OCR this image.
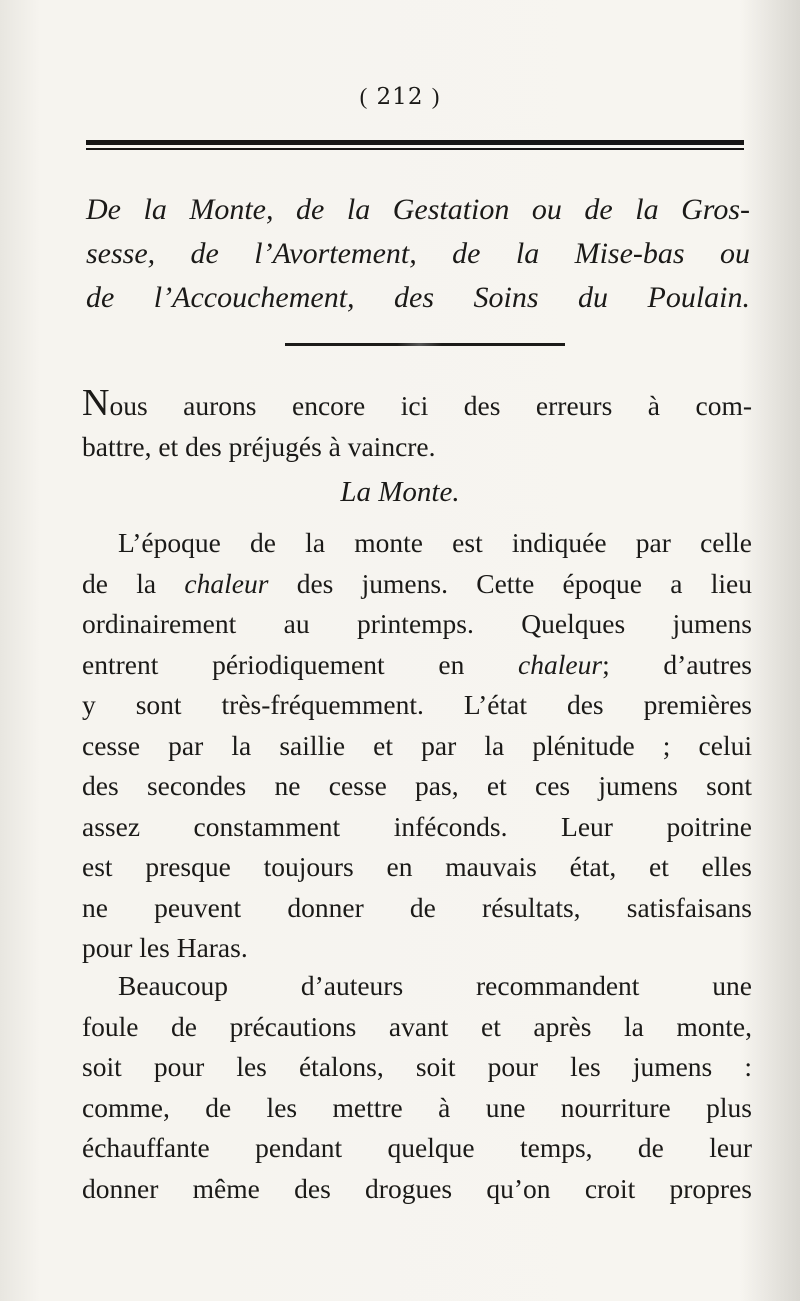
( 212 )
De la Monte, de la Gestation ou de la Gros-
sesse, de l’Avortement, de la Mise-bas ou
de l’Accouchement, des Soins du Poulain.
Nous aurons encore ici des erreurs à com-
battre, et des préjugés à vaincre.
La Monte.
L’époque de la monte est indiquée par celle
de la chaleur des jumens. Cette époque a lieu
ordinairement au printemps. Quelques jumens
entrent périodiquement en chaleur; d’autres
y sont très-fréquemment. L’état des premières
cesse par la saillie et par la plénitude ; celui
des secondes ne cesse pas, et ces jumens sont
assez constamment inféconds. Leur poitrine
est presque toujours en mauvais état, et elles
ne peuvent donner de résultats, satisfaisans
pour les Haras.
Beaucoup d’auteurs recommandent une
foule de précautions avant et après la monte,
soit pour les étalons, soit pour les jumens :
comme, de les mettre à une nourriture plus
échauffante pendant quelque temps, de leur
donner même des drogues qu’on croit propres
